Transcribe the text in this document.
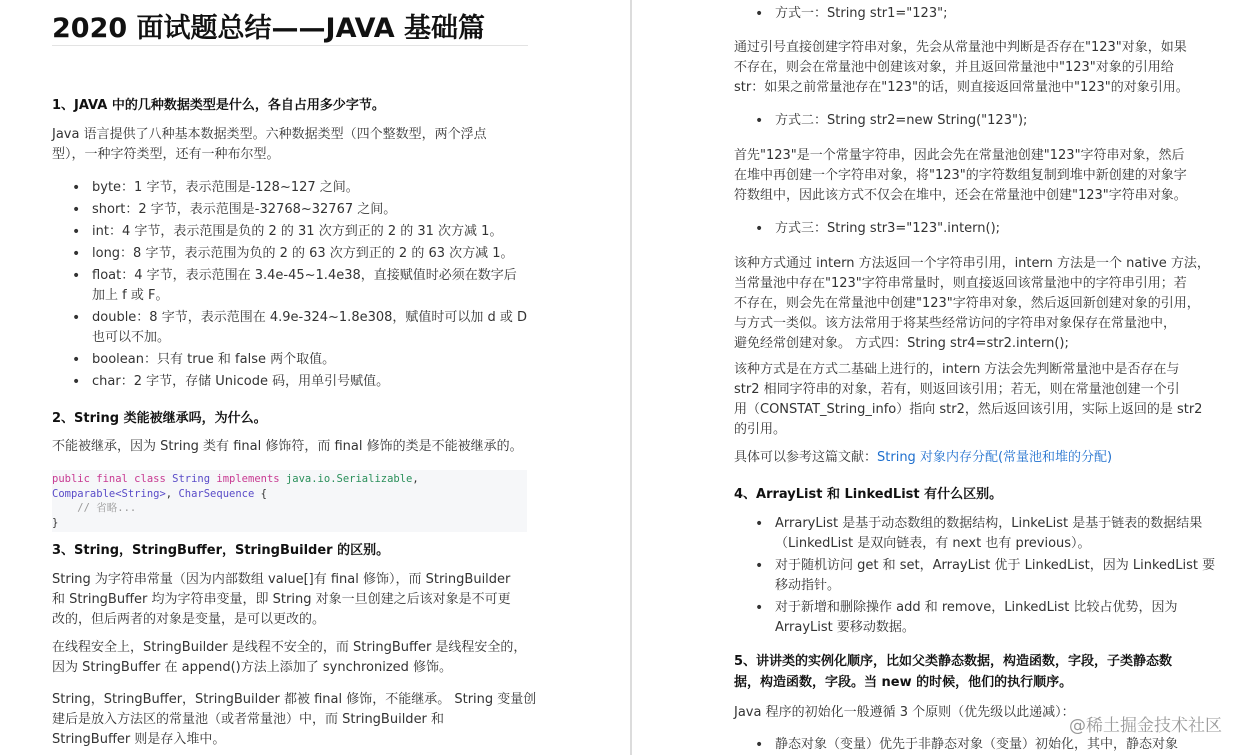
2020 面试题总结——JAVA 基础篇
1、JAVA 中的几种数据类型是什么，各自占用多少字节。
Java 语言提供了八种基本数据类型。六种数据类型（四个整数型，两个浮点
型），一种字符类型，还有一种布尔型。
• byte：1 字节，表示范围是-128~127 之间。
• short：2 字节，表示范围是-32768~32767 之间。
• int：4 字节，表示范围是负的 2 的 31 次方到正的 2 的 31 次方减 1。
• long：8 字节，表示范围为负的 2 的 63 次方到正的 2 的 63 次方减 1。
• float：4 字节，表示范围在 3.4e-45~1.4e38，直接赋值时必须在数字后
加上 f 或 F。
• double：8 字节，表示范围在 4.9e-324~1.8e308，赋值时可以加 d 或 D
也可以不加。
• boolean：只有 true 和 false 两个取值。
• char：2 字节，存储 Unicode 码，用单引号赋值。
2、String 类能被继承吗，为什么。
不能被继承，因为 String 类有 final 修饰符，而 final 修饰的类是不能被继承的。
public final class String implements java.io.Serializable,
Comparable<String>, CharSequence {
// 省略...
}
3、String，StringBuffer，StringBuilder 的区别。
String 为字符串常量（因为内部数组 value[]有 final 修饰），而 StringBuilder
和 StringBuffer 均为字符串变量，即 String 对象一旦创建之后该对象是不可更
改的，但后两者的对象是变量，是可以更改的。
在线程安全上，StringBuilder 是线程不安全的，而 StringBuffer 是线程安全的，
因为 StringBuffer 在 append()方法上添加了 synchronized 修饰。
String，StringBuffer，StringBuilder 都被 final 修饰，不能继承。 String 变量创
建后是放入方法区的常量池（或者常量池）中，而 StringBuilder 和
StringBuffer 则是存入堆中。
• 方式一：String str1="123";
通过引号直接创建字符串对象，先会从常量池中判断是否存在"123"对象，如果
不存在，则会在常量池中创建该对象，并且返回常量池中"123"对象的引用给
str：如果之前常量池存在"123"的话，则直接返回常量池中"123"的对象引用。
• 方式二：String str2=new String("123");
首先"123"是一个常量字符串，因此会先在常量池创建"123"字符串对象，然后
在堆中再创建一个字符串对象，将"123"的字符数组复制到堆中新创建的对象字
符数组中，因此该方式不仅会在堆中，还会在常量池中创建"123"字符串对象。
• 方式三：String str3="123".intern();
该种方式通过 intern 方法返回一个字符串引用，intern 方法是一个 native 方法，
当常量池中存在"123"字符串常量时，则直接返回该常量池中的字符串引用；若
不存在，则会先在常量池中创建"123"字符串对象，然后返回新创建对象的引用，
与方式一类似。该方法常用于将某些经常访问的字符串对象保存在常量池中，
避免经常创建对象。 方式四：String str4=str2.intern();
该种方式是在方式二基础上进行的，intern 方法会先判断常量池中是否存在与
str2 相同字符串的对象，若有，则返回该引用；若无，则在常量池创建一个引
用（CONSTAT_String_info）指向 str2，然后返回该引用，实际上返回的是 str2
的引用。
具体可以参考这篇文献：String 对象内存分配(常量池和堆的分配)
4、ArrayList 和 LinkedList 有什么区别。
• ArraryList 是基于动态数组的数据结构，LinkeList 是基于链表的数据结果
（LinkedList 是双向链表，有 next 也有 previous）。
• 对于随机访问 get 和 set，ArrayList 优于 LinkedList，因为 LinkedList 要
移动指针。
• 对于新增和删除操作 add 和 remove，LinkedList 比较占优势，因为
ArrayList 要移动数据。
5、讲讲类的实例化顺序，比如父类静态数据，构造函数，字段，子类静态数
据，构造函数，字段。当 new 的时候，他们的执行顺序。
Java 程序的初始化一般遵循 3 个原则（优先级以此递减）：
• 静态对象（变量）优先于非静态对象（变量）初始化，其中，静态对象
@稀土掘金技术社区
